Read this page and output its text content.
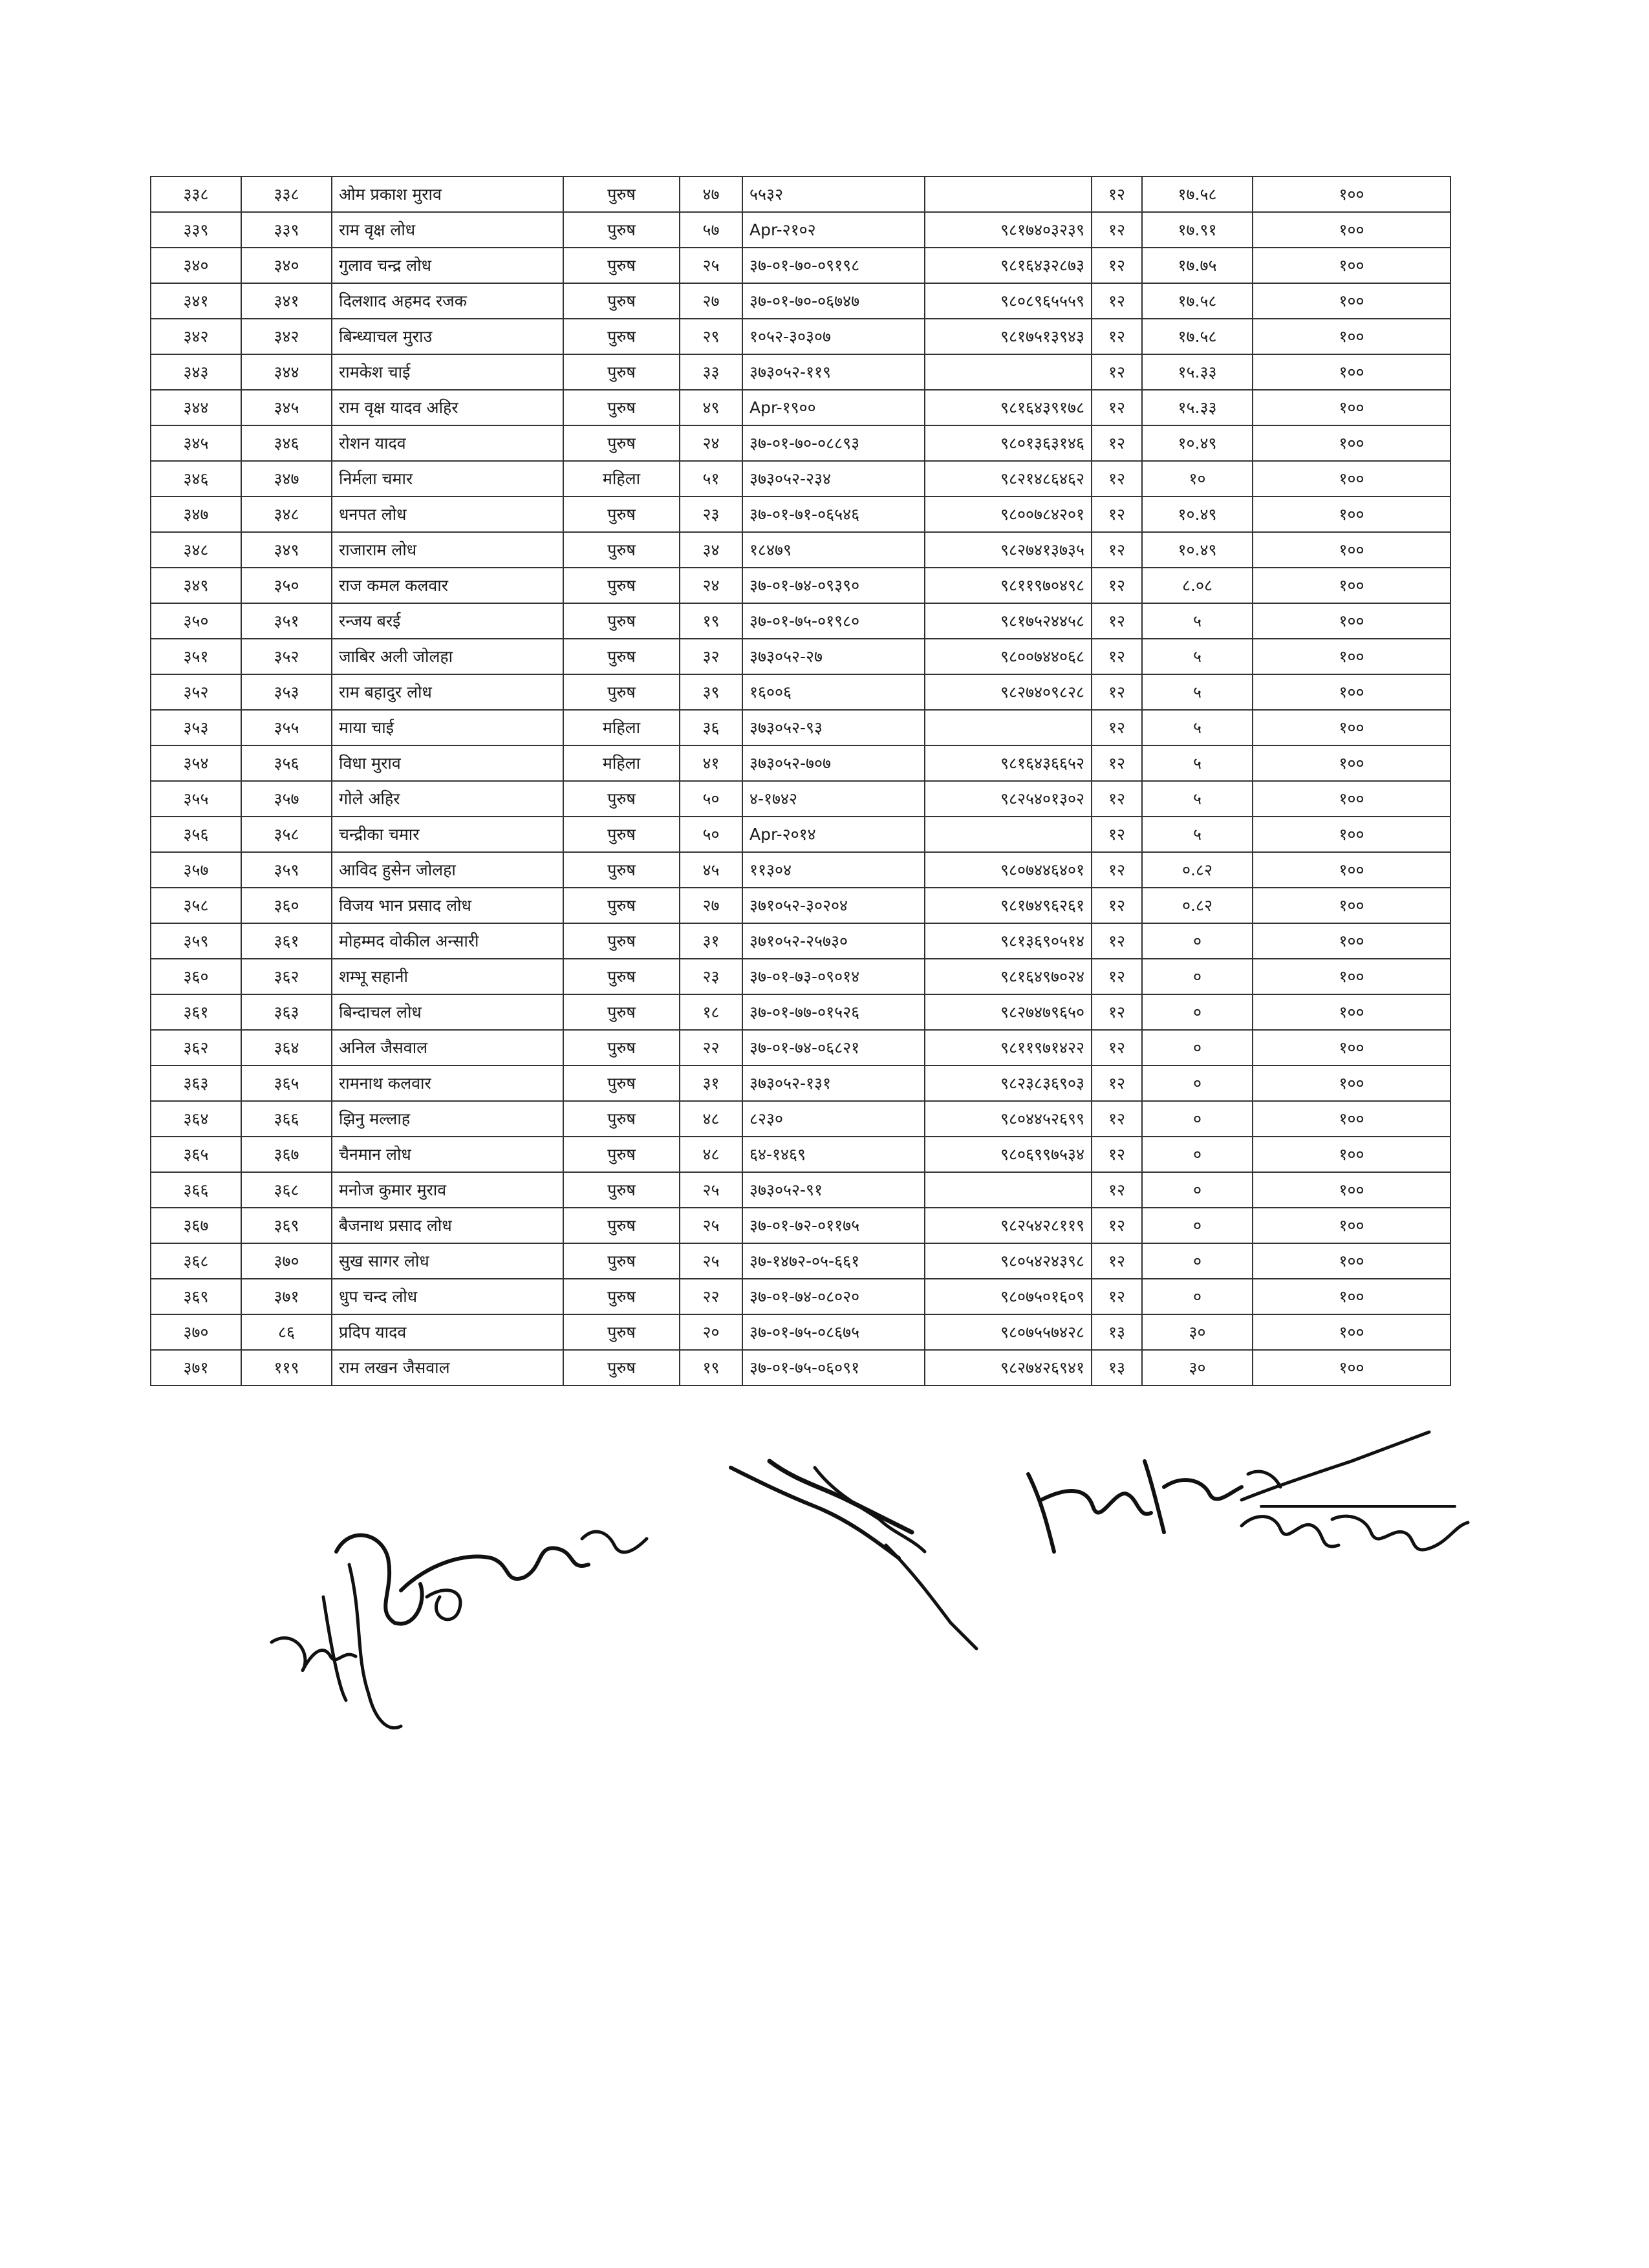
३३८	३३८	ओम प्रकाश मुराव	पुरुष	४७	५५३२		१२	१७.५८	१००
३३९	३३९	राम वृक्ष लोध	पुरुष	५७	Apr-२१०२	९८१७४०३२३९	१२	१७.९१	१००
३४०	३४०	गुलाव चन्द्र लोध	पुरुष	२५	३७-०१-७०-०९१९८	९८१६४३२८७३	१२	१७.७५	१००
३४१	३४१	दिलशाद अहमद रजक	पुरुष	२७	३७-०१-७०-०६७४७	९८०८९६५५५९	१२	१७.५८	१००
३४२	३४२	बिन्ध्याचल मुराउ	पुरुष	२९	१०५२-३०३०७	९८१७५१३९४३	१२	१७.५८	१००
३४३	३४४	रामकेश चाई	पुरुष	३३	३७३०५२-११९		१२	१५.३३	१००
३४४	३४५	राम वृक्ष यादव अहिर	पुरुष	४९	Apr-१९००	९८१६४३९१७८	१२	१५.३३	१००
३४५	३४६	रोशन यादव	पुरुष	२४	३७-०१-७०-०८८९३	९८०१३६३१४६	१२	१०.४९	१००
३४६	३४७	निर्मला चमार	महिला	५१	३७३०५२-२३४	९८२१४८६४६२	१२	१०	१००
३४७	३४८	धनपत लोध	पुरुष	२३	३७-०१-७१-०६५४६	९८००७८४२०१	१२	१०.४९	१००
३४८	३४९	राजाराम लोध	पुरुष	३४	१८४७९	९८२७४१३७३५	१२	१०.४९	१००
३४९	३५०	राज कमल कलवार	पुरुष	२४	३७-०१-७४-०९३९०	९८११९७०४९८	१२	८.०८	१००
३५०	३५१	रन्जय बरई	पुरुष	१९	३७-०१-७५-०१९८०	९८१७५२४४५८	१२	५	१००
३५१	३५२	जाबिर अली जोलहा	पुरुष	३२	३७३०५२-२७	९८००७४४०६८	१२	५	१००
३५२	३५३	राम बहादुर लोध	पुरुष	३९	१६००६	९८२७४०९८२८	१२	५	१००
३५३	३५५	माया चाई	महिला	३६	३७३०५२-९३		१२	५	१००
३५४	३५६	विधा मुराव	महिला	४१	३७३०५२-७०७	९८१६४३६६५२	१२	५	१००
३५५	३५७	गोले अहिर	पुरुष	५०	४-१७४२	९८२५४०१३०२	१२	५	१००
३५६	३५८	चन्द्रीका चमार	पुरुष	५०	Apr-२०१४		१२	५	१००
३५७	३५९	आविद हुसेन जोलहा	पुरुष	४५	११३०४	९८०७४४६४०१	१२	०.८२	१००
३५८	३६०	विजय भान प्रसाद लोध	पुरुष	२७	३७१०५२-३०२०४	९८१७४९६२६१	१२	०.८२	१००
३५९	३६१	मोहम्मद वोकील अन्सारी	पुरुष	३१	३७१०५२-२५७३०	९८१३६९०५१४	१२	०	१००
३६०	३६२	शम्भू सहानी	पुरुष	२३	३७-०१-७३-०९०१४	९८१६४९७०२४	१२	०	१००
३६१	३६३	बिन्दाचल लोध	पुरुष	१८	३७-०१-७७-०१५२६	९८२७४७९६५०	१२	०	१००
३६२	३६४	अनिल जैसवाल	पुरुष	२२	३७-०१-७४-०६८२१	९८११९७१४२२	१२	०	१००
३६३	३६५	रामनाथ कलवार	पुरुष	३१	३७३०५२-१३१	९८२३८३६९०३	१२	०	१००
३६४	३६६	झिनु मल्लाह	पुरुष	४८	८२३०	९८०४४५२६९९	१२	०	१००
३६५	३६७	चैनमान लोध	पुरुष	४८	६४-१४६९	९८०६९९७५३४	१२	०	१००
३६६	३६८	मनोज कुमार मुराव	पुरुष	२५	३७३०५२-९१		१२	०	१००
३६७	३६९	बैजनाथ प्रसाद लोध	पुरुष	२५	३७-०१-७२-०११७५	९८२५४२८११९	१२	०	१००
३६८	३७०	सुख सागर लोध	पुरुष	२५	३७-१४७२-०५-६६१	९८०५४२४३९८	१२	०	१००
३६९	३७१	धुप चन्द लोध	पुरुष	२२	३७-०१-७४-०८०२०	९८०७५०१६०९	१२	०	१००
३७०	८६	प्रदिप यादव	पुरुष	२०	३७-०१-७५-०८६७५	९८०७५५७४२८	१३	३०	१००
३७१	११९	राम लखन जैसवाल	पुरुष	१९	३७-०१-७५-०६०९१	९८२७४२६९४१	१३	३०	१००
